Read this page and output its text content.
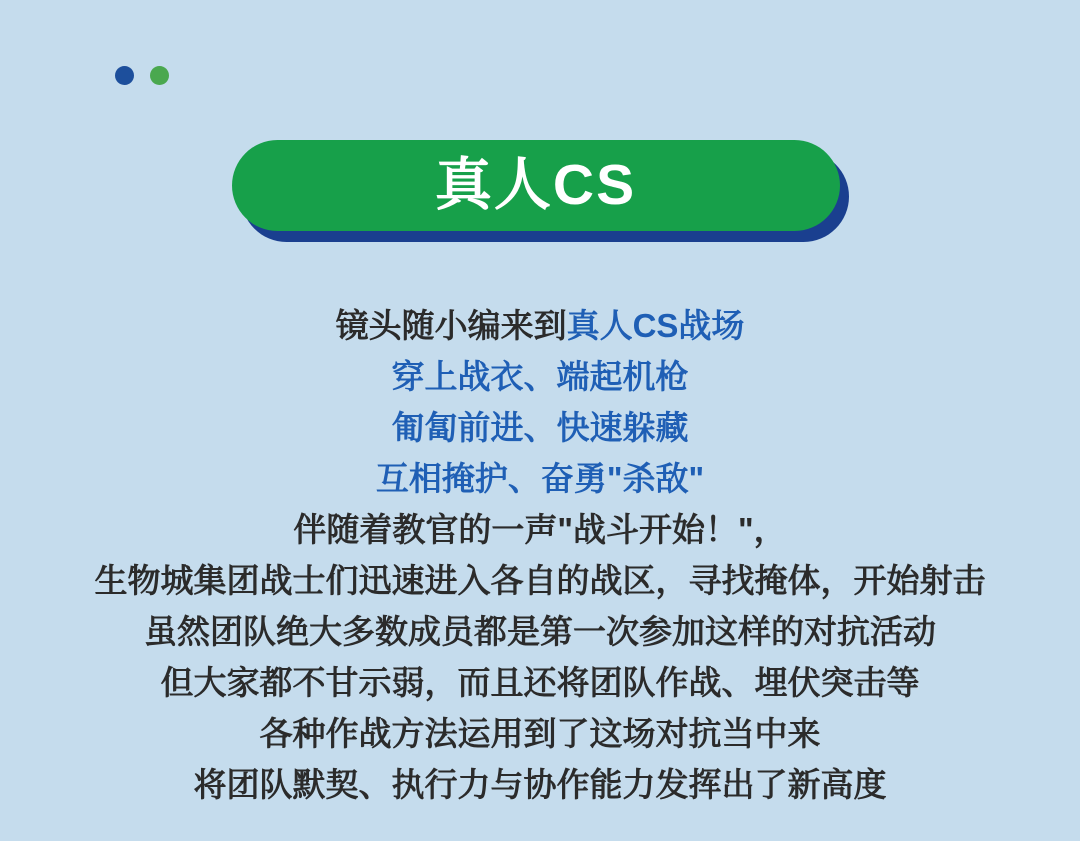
真人CS
镜头随小编来到真人CS战场
穿上战衣、端起机枪
匍匐前进、快速躲藏
互相掩护、奋勇"杀敌"
伴随着教官的一声"战斗开始！"，
生物城集团战士们迅速进入各自的战区，寻找掩体，开始射击
虽然团队绝大多数成员都是第一次参加这样的对抗活动
但大家都不甘示弱，而且还将团队作战、埋伏突击等
各种作战方法运用到了这场对抗当中来
将团队默契、执行力与协作能力发挥出了新高度
